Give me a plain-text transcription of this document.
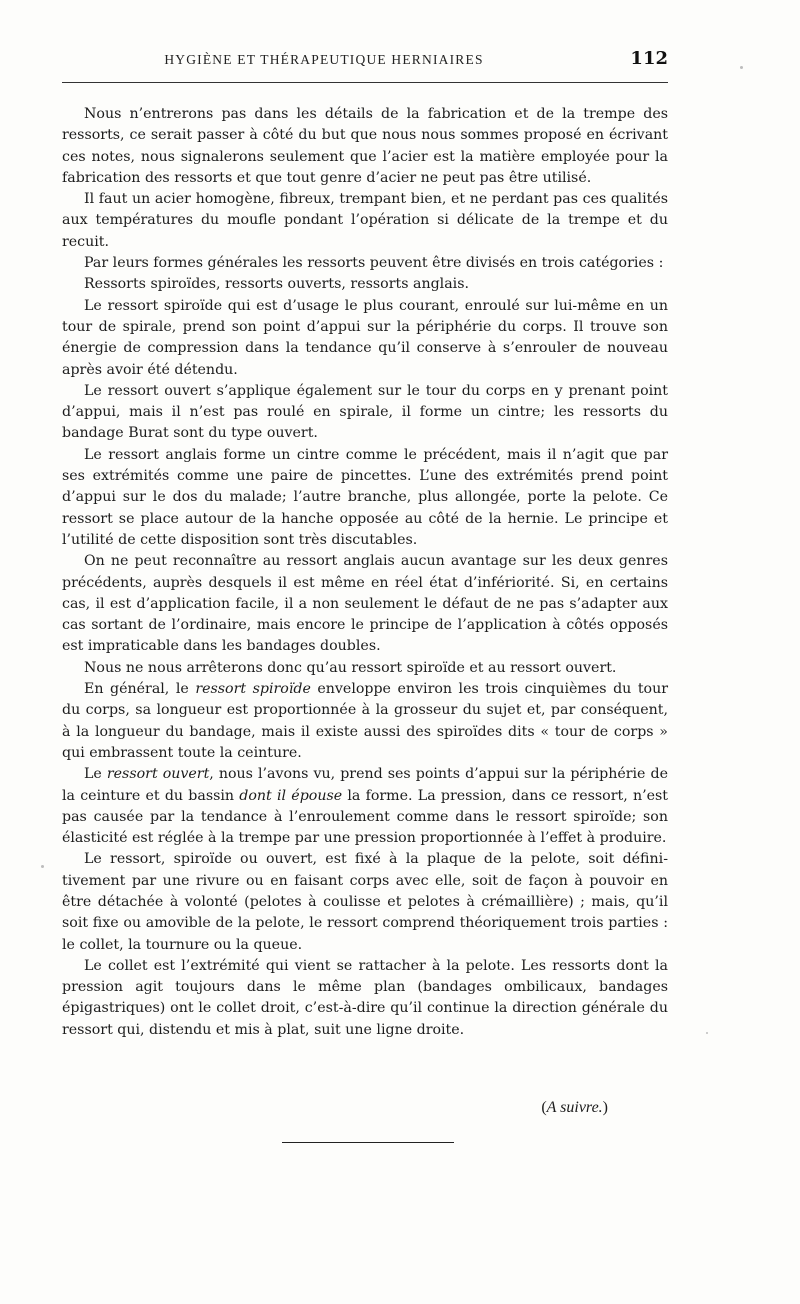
HYGIÈNE ET THÉRAPEUTIQUE HERNIAIRES	112

Nous n’entrerons pas dans les détails de la fabrication et de la trempe des ressorts, ce serait passer à côté du but que nous nous sommes proposé en écrivant ces notes, nous signalerons seulement que l’acier est la matière employée pour la fabrication des ressorts et que tout genre d’acier ne peut pas être utilisé.

Il faut un acier homogène, fibreux, trempant bien, et ne perdant pas ces qualités aux températures du moufle pondant l’opération si délicate de la trempe et du recuit.

Par leurs formes générales les ressorts peuvent être divisés en trois catégories :

Ressorts spiroïdes, ressorts ouverts, ressorts anglais.

Le ressort spiroïde qui est d’usage le plus courant, enroulé sur lui-même en un tour de spirale, prend son point d’appui sur la périphérie du corps. Il trouve son énergie de compression dans la tendance qu’il conserve à s’enrouler de nouveau après avoir été détendu.

Le ressort ouvert s’applique également sur le tour du corps en y prenant point d’appui, mais il n’est pas roulé en spirale, il forme un cintre; les ressorts du bandage Burat sont du type ouvert.

Le ressort anglais forme un cintre comme le précédent, mais il n’agit que par ses extrémités comme une paire de pincettes. L’une des extrémités prend point d’appui sur le dos du malade; l’autre branche, plus allongée, porte la pelote. Ce ressort se place autour de la hanche opposée au côté de la hernie. Le principe et l’utilité de cette disposition sont très discutables.

On ne peut reconnaître au ressort anglais aucun avantage sur les deux genres précédents, auprès desquels il est même en réel état d’infériorité. Si, en certains cas, il est d’application facile, il a non seulement le défaut de ne pas s’adapter aux cas sortant de l’ordinaire, mais encore le principe de l’application à côtés opposés est impraticable dans les bandages doubles.

Nous ne nous arrêterons donc qu’au ressort spiroïde et au ressort ouvert.

En général, le ressort spiroïde enveloppe environ les trois cinquièmes du tour du corps, sa longueur est proportionnée à la grosseur du sujet et, par conséquent, à la longueur du bandage, mais il existe aussi des spiroïdes dits « tour de corps » qui embrassent toute la ceinture.

Le ressort ouvert, nous l’avons vu, prend ses points d’appui sur la périphérie de la ceinture et du bassin dont il épouse la forme. La pression, dans ce ressort, n’est pas causée par la tendance à l’enroulement comme dans le ressort spiroïde; son élasticité est réglée à la trempe par une pression proportionnée à l’effet à produire.

Le ressort, spiroïde ou ouvert, est fixé à la plaque de la pelote, soit définitivement par une rivure ou en faisant corps avec elle, soit de façon à pouvoir en être détachée à volonté (pelotes à coulisse et pelotes à crémaillière) ; mais, qu’il soit fixe ou amovible de la pelote, le ressort comprend théoriquement trois parties : le collet, la tournure ou la queue.

Le collet est l’extrémité qui vient se rattacher à la pelote. Les ressorts dont la pression agit toujours dans le même plan (bandages ombilicaux, bandages épigastriques) ont le collet droit, c’est-à-dire qu’il continue la direction générale du ressort qui, distendu et mis à plat, suit une ligne droite.

(A suivre.)
